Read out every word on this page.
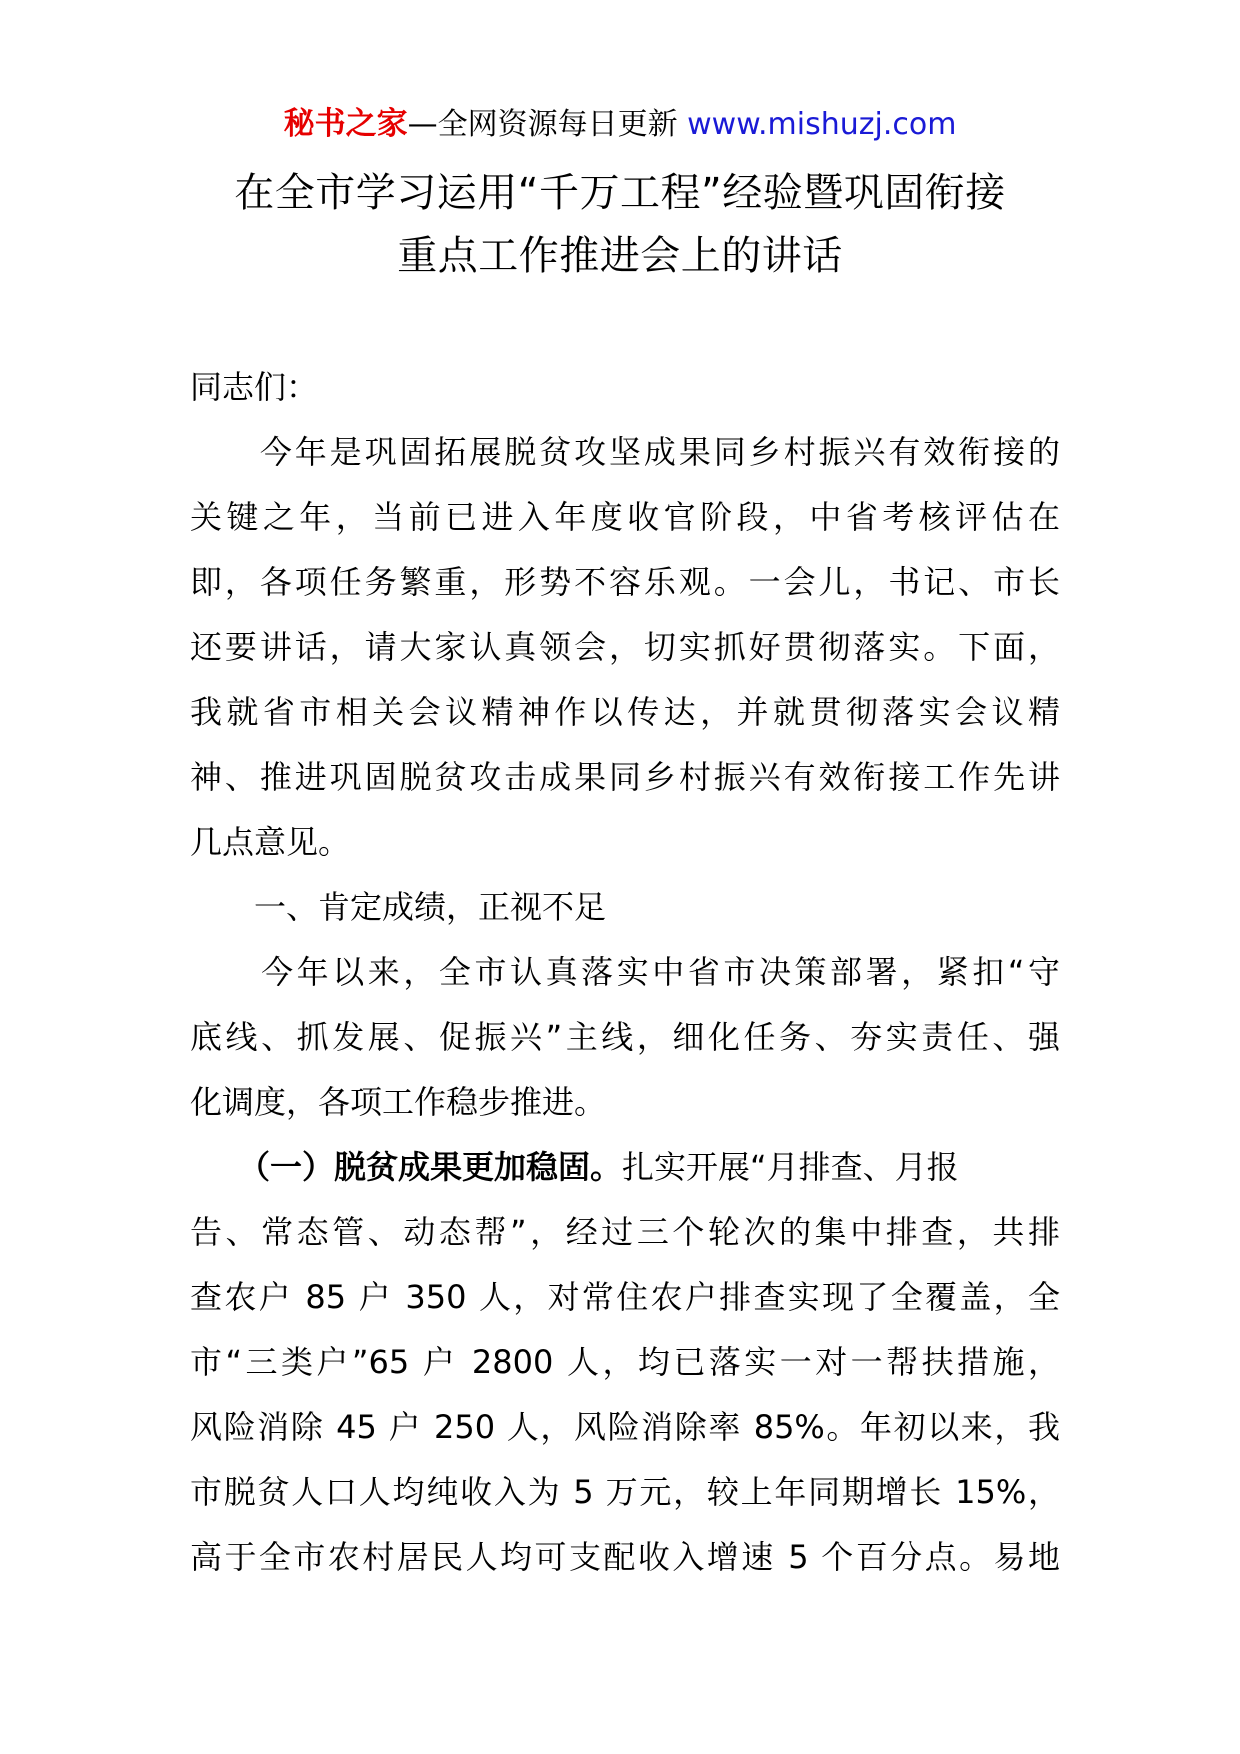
秘书之家—全网资源每日更新 www.mishuzj.com
在全市学习运用“千万工程”经验暨巩固衔接
重点工作推进会上的讲话
同志们：
　　今年是巩固拓展脱贫攻坚成果同乡村振兴有效衔接的
关键之年，当前已进入年度收官阶段，中省考核评估在
即，各项任务繁重，形势不容乐观。一会儿，书记、市长
还要讲话，请大家认真领会，切实抓好贯彻落实。下面，
我就省市相关会议精神作以传达，并就贯彻落实会议精
神、推进巩固脱贫攻击成果同乡村振兴有效衔接工作先讲
几点意见。
　　一、肯定成绩，正视不足
　　今年以来，全市认真落实中省市决策部署，紧扣“守
底线、抓发展、促振兴”主线，细化任务、夯实责任、强
化调度，各项工作稳步推进。
　　（一）脱贫成果更加稳固。扎实开展“月排查、月报
告、常态管、动态帮”，经过三个轮次的集中排查，共排
查农户 85 户 350 人，对常住农户排查实现了全覆盖，全
市“三类户”65 户 2800 人，均已落实一对一帮扶措施，
风险消除 45 户 250 人，风险消除率 85%。年初以来，我
市脱贫人口人均纯收入为 5 万元，较上年同期增长 15%，
高于全市农村居民人均可支配收入增速 5 个百分点。易地
